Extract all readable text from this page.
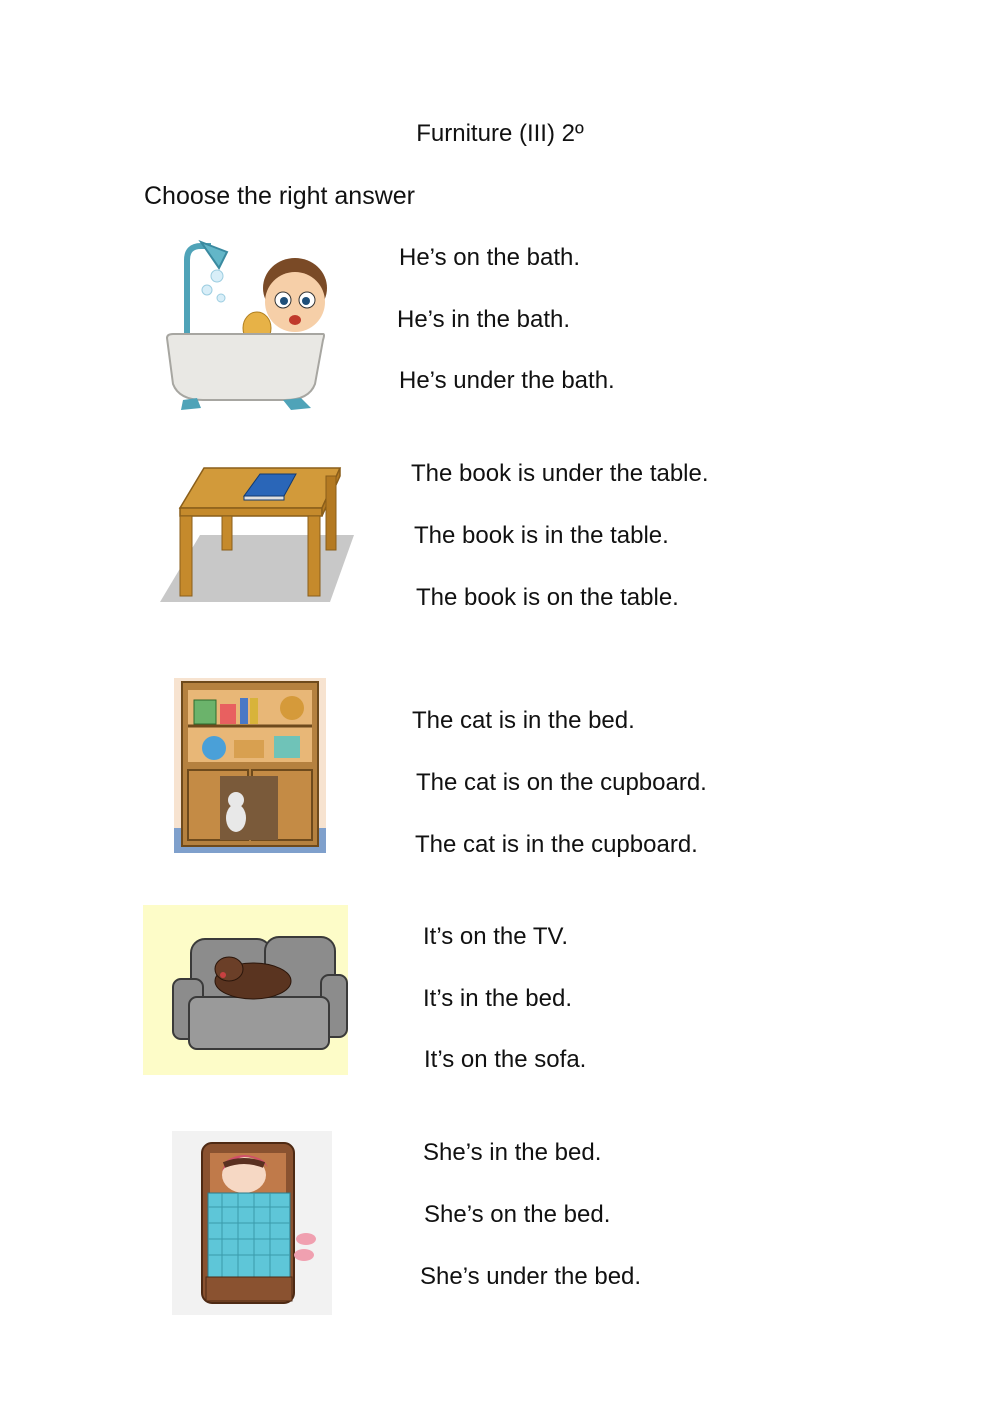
Furniture (III) 2º
Choose the right answer
He’s on the bath.
He’s in the bath.
He’s under the bath.
The book is under the table.
The book is in the table.
The book is on the table.
The cat is in the bed.
The cat is on the cupboard.
The cat is in the cupboard.
It’s on the TV.
It’s in the bed.
It’s on the sofa.
She’s in the bed.
She’s on the bed.
She’s under the bed.
